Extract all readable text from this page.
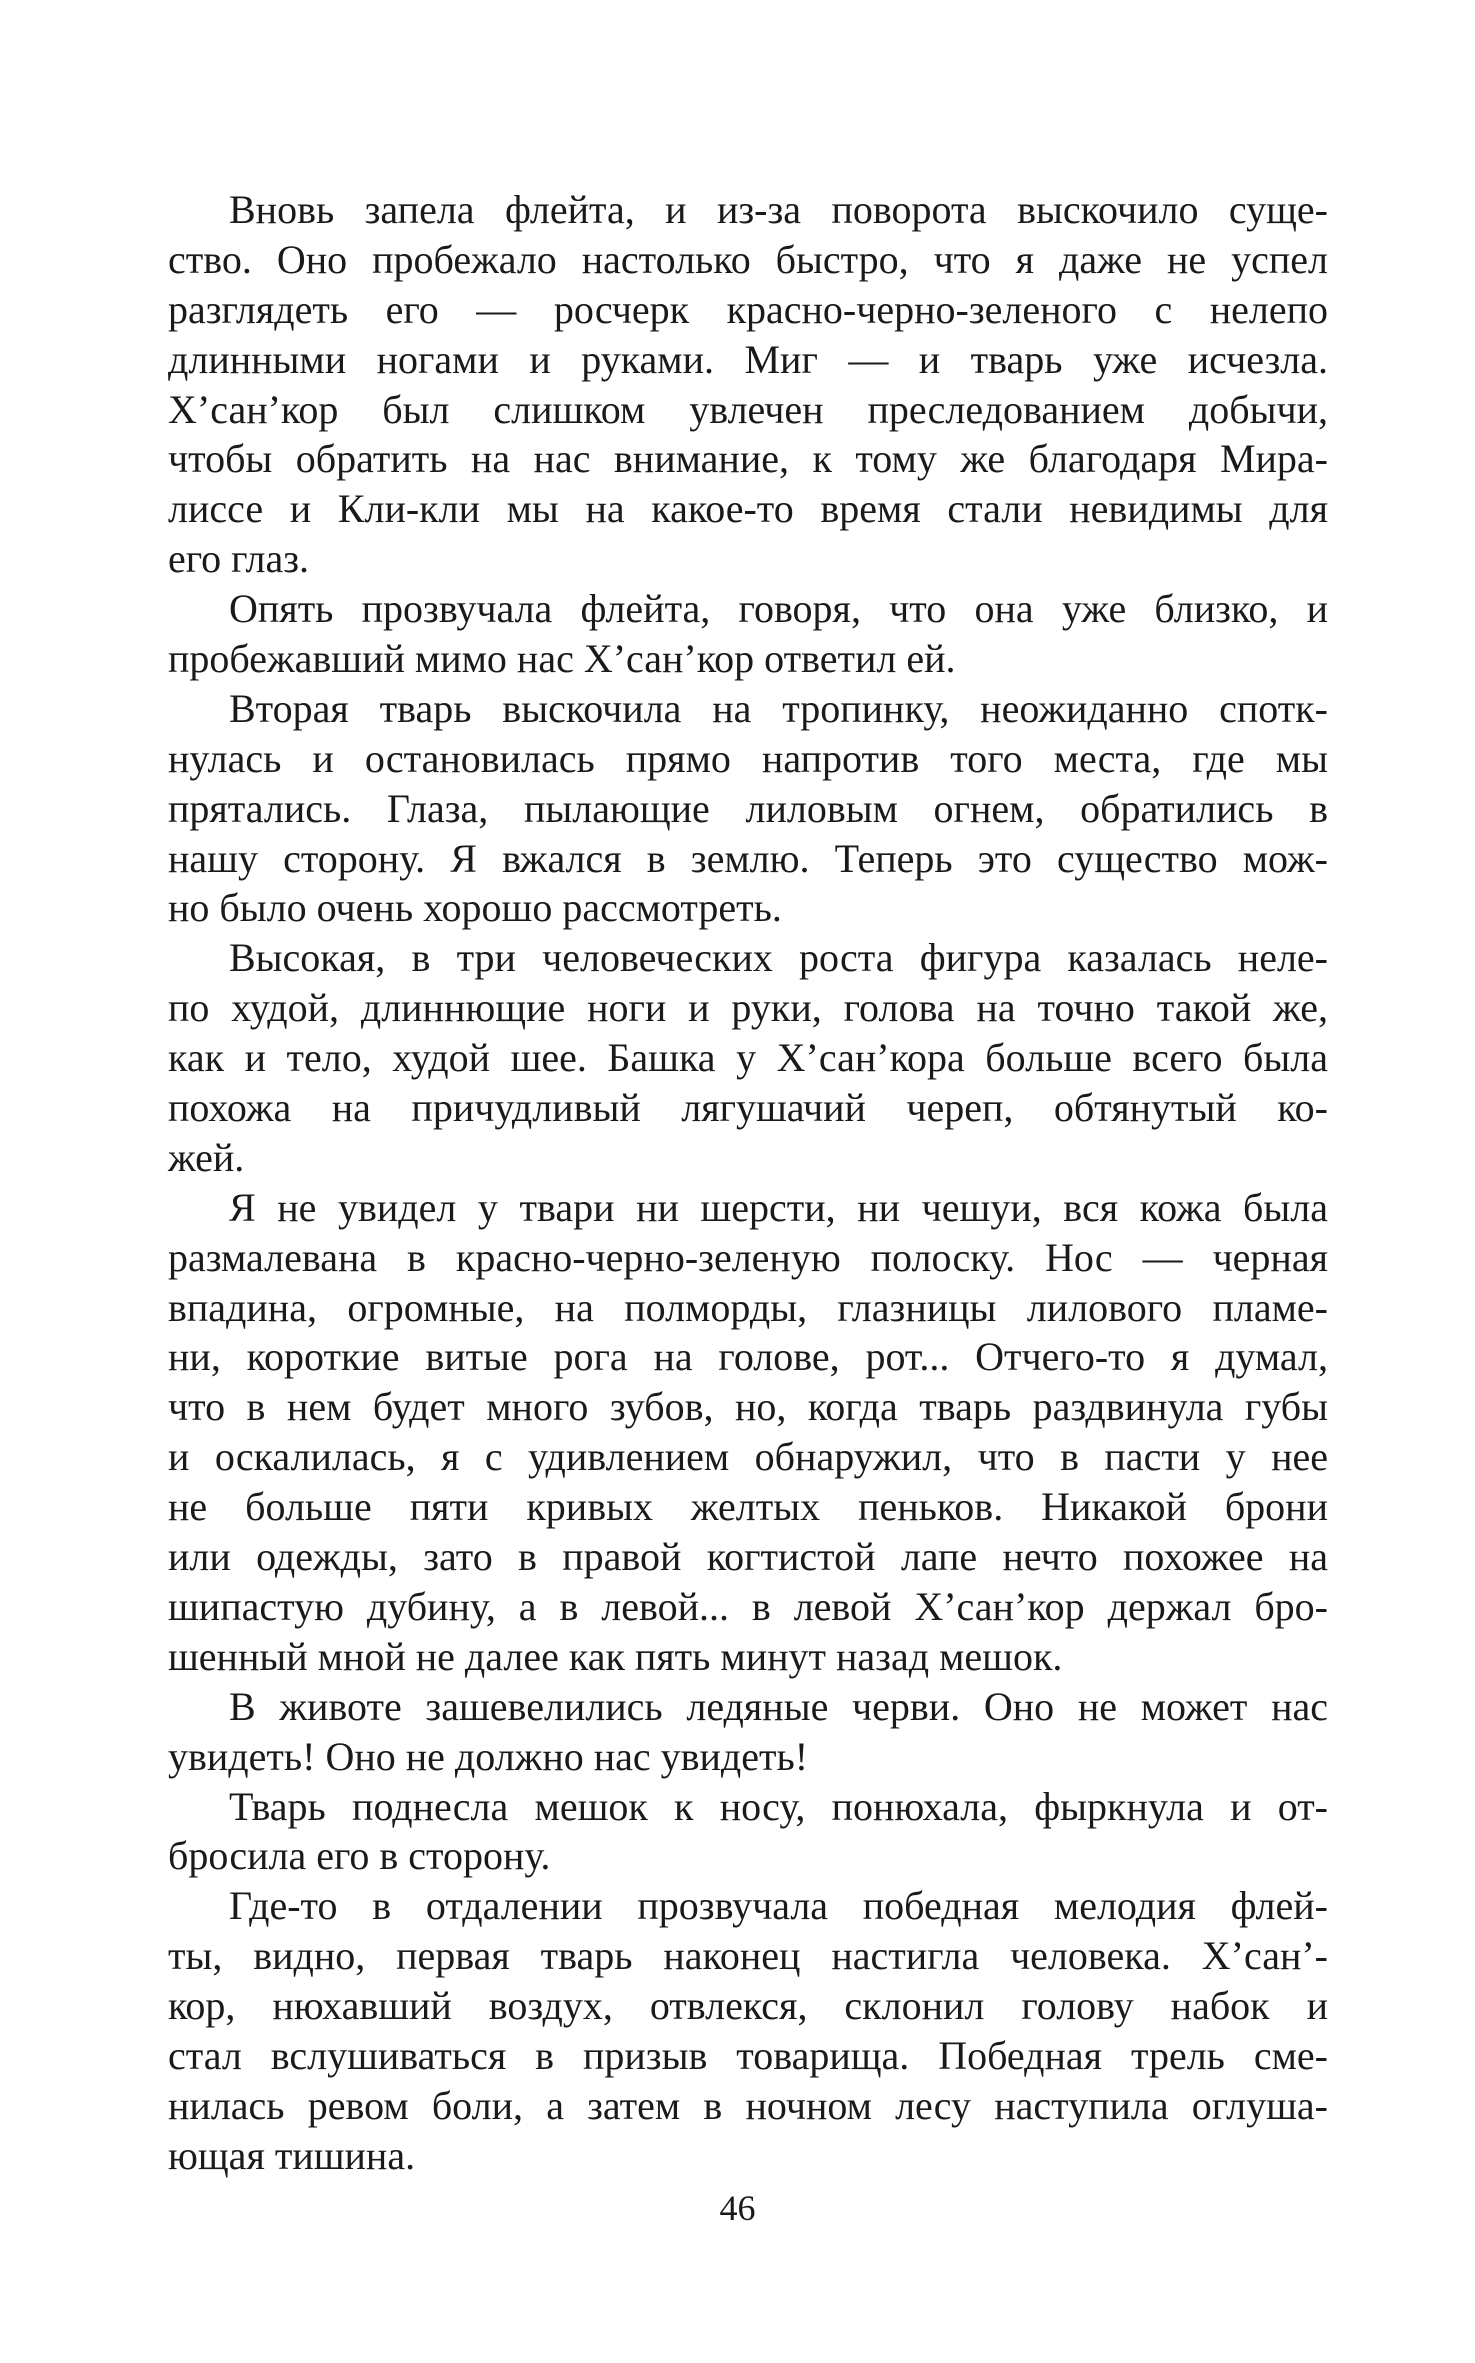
Вновь запела флейта, и из-за поворота выскочило суще-
ство. Оно пробежало настолько быстро, что я даже не успел
разглядеть его — росчерк красно-черно-зеленого с нелепо
длинными ногами и руками. Миг — и тварь уже исчезла.
Х’сан’кор был слишком увлечен преследованием добычи,
чтобы обратить на нас внимание, к тому же благодаря Мира-
лиссе и Кли-кли мы на какое-то время стали невидимы для
его глаз.
Опять прозвучала флейта, говоря, что она уже близко, и
пробежавший мимо нас Х’сан’кор ответил ей.
Вторая тварь выскочила на тропинку, неожиданно спотк-
нулась и остановилась прямо напротив того места, где мы
прятались. Глаза, пылающие лиловым огнем, обратились в
нашу сторону. Я вжался в землю. Теперь это существо мож-
но было очень хорошо рассмотреть.
Высокая, в три человеческих роста фигура казалась неле-
по худой, длиннющие ноги и руки, голова на точно такой же,
как и тело, худой шее. Башка у Х’сан’кора больше всего была
похожа на причудливый лягушачий череп, обтянутый ко-
жей.
Я не увидел у твари ни шерсти, ни чешуи, вся кожа была
размалевана в красно-черно-зеленую полоску. Нос — черная
впадина, огромные, на полморды, глазницы лилового пламе-
ни, короткие витые рога на голове, рот... Отчего-то я думал,
что в нем будет много зубов, но, когда тварь раздвинула губы
и оскалилась, я с удивлением обнаружил, что в пасти у нее
не больше пяти кривых желтых пеньков. Никакой брони
или одежды, зато в правой когтистой лапе нечто похожее на
шипастую дубину, а в левой... в левой Х’сан’кор держал бро-
шенный мной не далее как пять минут назад мешок.
В животе зашевелились ледяные черви. Оно не может нас
увидеть! Оно не должно нас увидеть!
Тварь поднесла мешок к носу, понюхала, фыркнула и от-
бросила его в сторону.
Где-то в отдалении прозвучала победная мелодия флей-
ты, видно, первая тварь наконец настигла человека. Х’сан’-
кор, нюхавший воздух, отвлекся, склонил голову набок и
стал вслушиваться в призыв товарища. Победная трель сме-
нилась ревом боли, а затем в ночном лесу наступила оглуша-
ющая тишина.
46
